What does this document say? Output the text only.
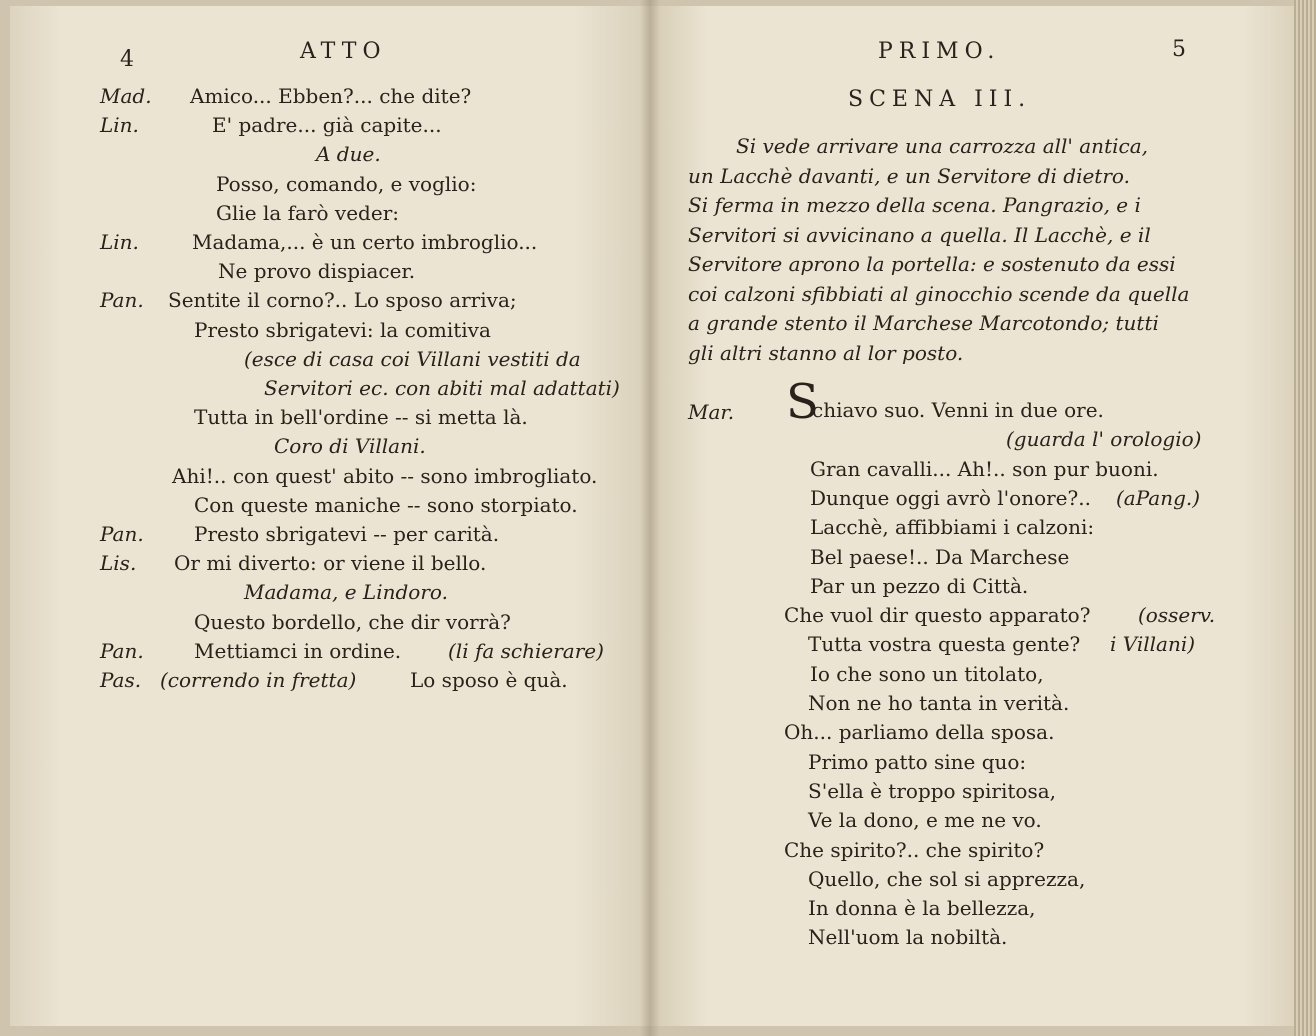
4	ATTO
Mad. Amico... Ebben?... che dite?
Lin.	E' padre... già capite...
A due.
Posso, comando, e voglio:
Glie la farò veder:
Lin.	Madama,... è un certo imbroglio...
Ne provo dispiacer.
Pan. Sentite il corno?.. Lo sposo arriva;
Presto sbrigatevi: la comitiva
(esce di casa coi Villani vestiti da
Servitori ec. con abiti mal adattati)
Tutta in bell'ordine -- si metta là.
Coro di Villani.
Ahi!.. con quest' abito -- sono imbrogliato.
Con queste maniche -- sono storpiato.
Pan.	Presto sbrigatevi -- per carità.
Lis. Or mi diverto: or viene il bello.
Madama, e Lindoro.
Questo bordello, che dir vorrà?
Pan.	Mettiamci in ordine. (li fa schierare)
Pas. (correndo in fretta)	Lo sposo è quà.
PRIMO.	5
SCENA III.
Si vede arrivare una carrozza all' antica,
un Lacchè davanti, e un Servitore di dietro.
Si ferma in mezzo della scena. Pangrazio, e i
Servitori si avvicinano a quella. Il Lacchè, e il
Servitore aprono la portella: e sostenuto da essi
coi calzoni sfibbiati al ginocchio scende da quella
a grande stento il Marchese Marcotondo; tutti
gli altri stanno al lor posto.
Mar. S
chiavo suo. Venni in due ore.
(guarda l' orologio)
Gran cavalli... Ah!.. son pur buoni.
Dunque oggi avrò l'onore?.. (aPang.)
Lacchè, affibbiami i calzoni:
Bel paese!.. Da Marchese
Par un pezzo di Città.
Che vuol dir questo apparato? (osserv.
Tutta vostra questa gente? i Villani)
Io che sono un titolato,
Non ne ho tanta in verità.
Oh... parliamo della sposa.
Primo patto sine quo:
S'ella è troppo spiritosa,
Ve la dono, e me ne vo.
Che spirito?.. che spirito?
Quello, che sol si apprezza,
In donna è la bellezza,
Nell'uom la nobiltà.
